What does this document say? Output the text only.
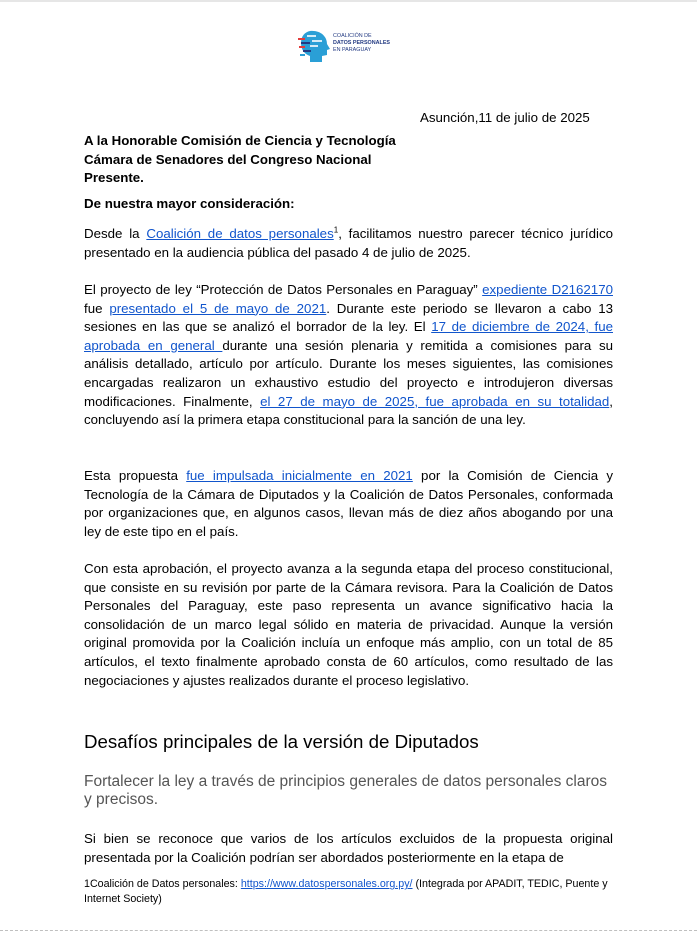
COALICIÓN DE
DATOS PERSONALES
EN PARAGUAY
Asunción,11 de julio de 2025
A la Honorable Comisión de Ciencia y Tecnología
Cámara de Senadores del Congreso Nacional
Presente.
De nuestra mayor consideración:
Desde la Coalición de datos personales$^1$, facilitamos nuestro parecer técnico jurídico presentado en la audiencia pública del pasado 4 de julio de 2025.
El proyecto de ley “Protección de Datos Personales en Paraguay” expediente D2162170 fue presentado el 5 de mayo de 2021. Durante este periodo se llevaron a cabo 13 sesiones en las que se analizó el borrador de la ley. El 17 de diciembre de 2024, fue aprobada en general durante una sesión plenaria y remitida a comisiones para su análisis detallado, artículo por artículo. Durante los meses siguientes, las comisiones encargadas realizaron un exhaustivo estudio del proyecto e introdujeron diversas modificaciones. Finalmente, el 27 de mayo de 2025, fue aprobada en su totalidad, concluyendo así la primera etapa constitucional para la sanción de una ley.
Esta propuesta fue impulsada inicialmente en 2021 por la Comisión de Ciencia y Tecnología de la Cámara de Diputados y la Coalición de Datos Personales, conformada por organizaciones que, en algunos casos, llevan más de diez años abogando por una ley de este tipo en el país.
Con esta aprobación, el proyecto avanza a la segunda etapa del proceso constitucional, que consiste en su revisión por parte de la Cámara revisora. Para la Coalición de Datos Personales del Paraguay, este paso representa un avance significativo hacia la consolidación de un marco legal sólido en materia de privacidad. Aunque la versión original promovida por la Coalición incluía un enfoque más amplio, con un total de 85 artículos, el texto finalmente aprobado consta de 60 artículos, como resultado de las negociaciones y ajustes realizados durante el proceso legislativo.
Desafíos principales de la versión de Diputados
Fortalecer la ley a través de principios generales de datos personales claros y precisos.
Si bien se reconoce que varios de los artículos excluidos de la propuesta original presentada por la Coalición podrían ser abordados posteriormente en la etapa de
1Coalición de Datos personales: https://www.datospersonales.org.py/ (Integrada por APADIT, TEDIC, Puente y Internet Society)
